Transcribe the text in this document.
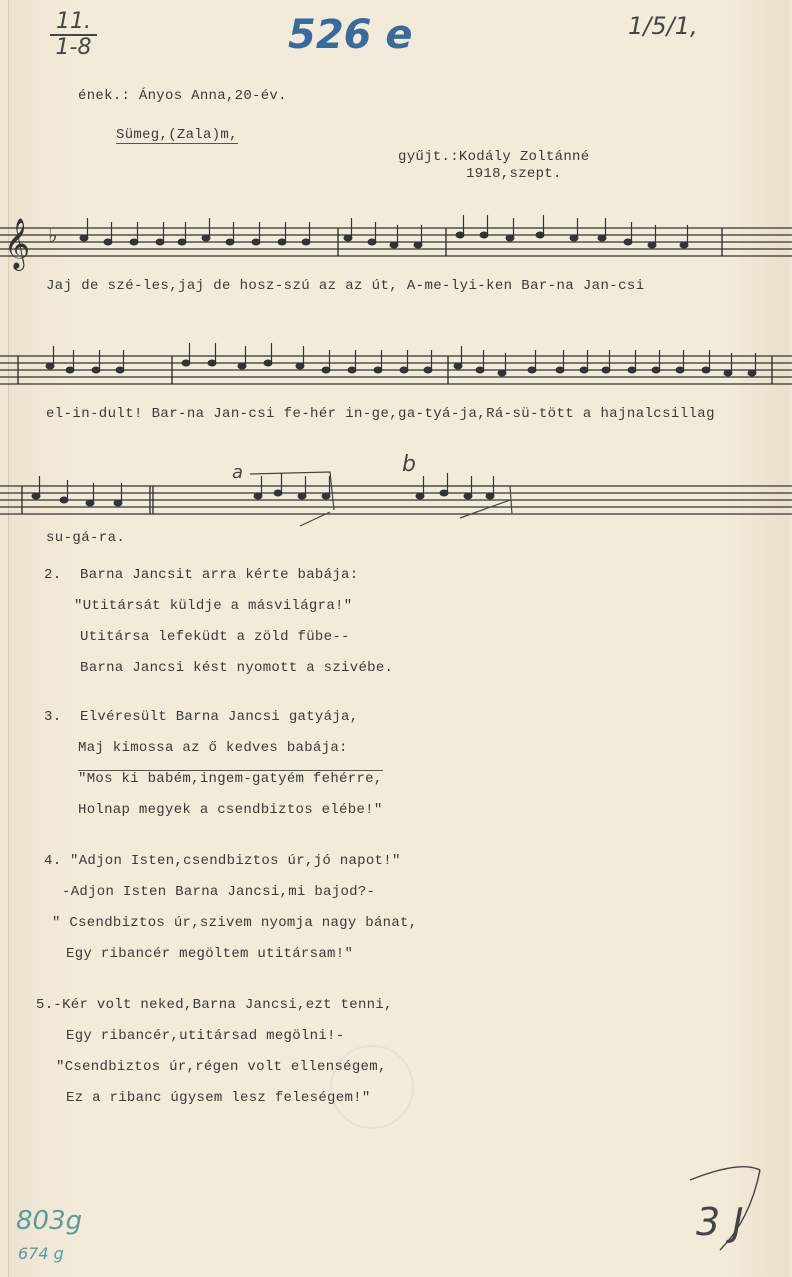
$\frac{11.}{1-8}$	526 e	1/5/1,
ének.: Ányos Anna,20-év.
Sümeg,(Zala)m,
gyűjt.:Kodály Zoltánné
1918,szept.
𝄞 ♭
Jaj de szé-les,jaj de hosz-szú az az út, A-me-lyi-ken Bar-na Jan-csi
el-in-dult! Bar-na Jan-csi fe-hér in-ge,ga-tyá-ja,Rá-sü-tött a hajnalcsillag
a	b
su-gá-ra.
2. Barna Jancsit arra kérte babája:
"Utitársát küldje a másvilágra!"
Utitársa lefeküdt a zöld fübe--
Barna Jancsi kést nyomott a szivébe.
3. Elvéresült Barna Jancsi gatyája,
Maj kimossa az ő kedves babája:
"Mos ki babém,ingem-gatyém fehérre,
Holnap megyek a csendbiztos elébe!"
4. "Adjon Isten,csendbiztos úr,jó napot!"
-Adjon Isten Barna Jancsi,mi bajod?-
" Csendbiztos úr,szivem nyomja nagy bánat,
Egy ribancér megöltem utitársam!"
5.-Kér volt neked,Barna Jancsi,ezt tenni,
Egy ribancér,utitársad megölni!-
"Csendbiztos úr,régen volt ellenségem,
Ez a ribanc úgysem lesz feleségem!"
803g
674 g
3 J
